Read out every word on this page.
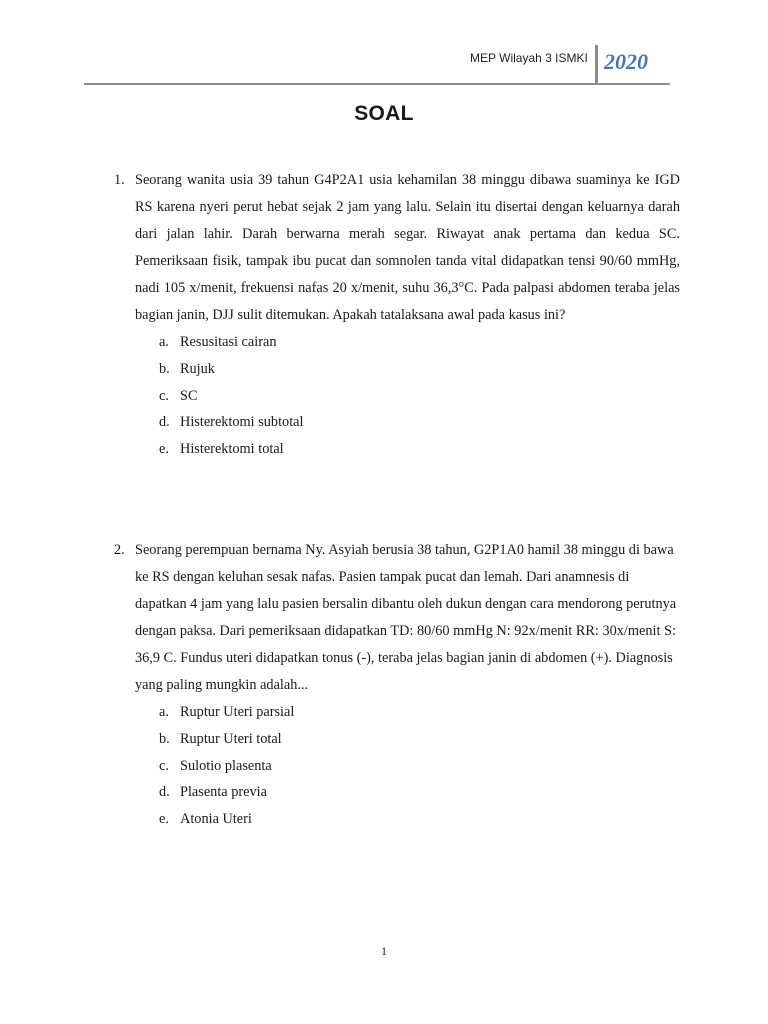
MEP Wilayah 3 ISMKI 2020
SOAL
1. Seorang wanita usia 39 tahun G4P2A1 usia kehamilan 38 minggu dibawa suaminya ke IGD RS karena nyeri perut hebat sejak 2 jam yang lalu. Selain itu disertai dengan keluarnya darah dari jalan lahir. Darah berwarna merah segar. Riwayat anak pertama dan kedua SC. Pemeriksaan fisik, tampak ibu pucat dan somnolen tanda vital didapatkan tensi 90/60 mmHg, nadi 105 x/menit, frekuensi nafas 20 x/menit, suhu 36,3°C. Pada palpasi abdomen teraba jelas bagian janin, DJJ sulit ditemukan. Apakah tatalaksana awal pada kasus ini?
a. Resusitasi cairan
b. Rujuk
c. SC
d. Histerektomi subtotal
e. Histerektomi total
2. Seorang perempuan bernama Ny. Asyiah berusia 38 tahun, G2P1A0 hamil 38 minggu di bawa ke RS dengan keluhan sesak nafas. Pasien tampak pucat dan lemah. Dari anamnesis di dapatkan 4 jam yang lalu pasien bersalin dibantu oleh dukun dengan cara mendorong perutnya dengan paksa. Dari pemeriksaan didapatkan TD: 80/60 mmHg N: 92x/menit RR: 30x/menit S: 36,9 C. Fundus uteri didapatkan tonus (-), teraba jelas bagian janin di abdomen (+). Diagnosis yang paling mungkin adalah...
a. Ruptur Uteri parsial
b. Ruptur Uteri total
c. Sulotio plasenta
d. Plasenta previa
e. Atonia Uteri
1
